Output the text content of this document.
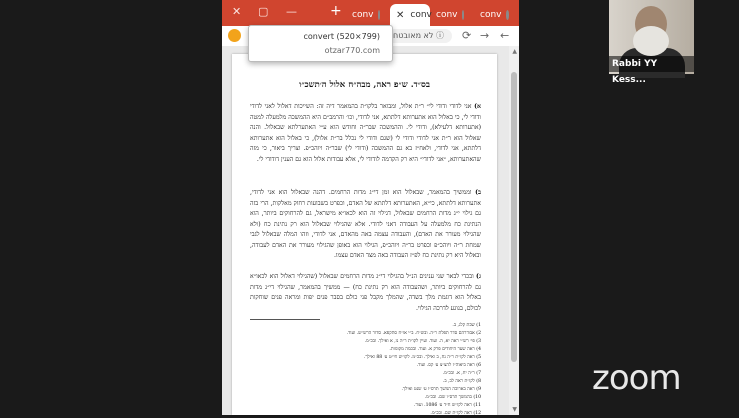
✕ ▢ — + conv ✕ conv conv	conv
לא מאובטח ⓘ	⟳ → ←
בס״ד. ש״פ ראה, מבה״ח אלול ה׳תשכ״ו
א) אני לדודי ודודי לי״ ר״ת אלול, ומבואר בלקו״ת בהמאמר דיה זה: השייכות דאלול לאני לדודי ודודי לי, כי באלול הוא אתערותא דלתתא, אני לדודי, וכו׳ והרמב״ם היא ההמשכה מלמעלה למטה (אתערותא דלעילא), ודודי לי. וההמשכה שבר״ה וחודש הוא ע״י האתערלתא שבאלול. והנה שאלול הוא ר״ת אני לדודי ודודי לי (שגם ודודי לי נכלל בר״ת אלול), כי באלול הוא אתערותא דלתתא, אני לדודי, ולאח״ז בא גם ההמשכה (ודודי לי) שבר״ה ויוהכ״פ. וצריך ביאור, כי מזה שהאתערותא, ״אני לדודי״ היא רק הקדמה לודודי לי, אלא עבודות אלול הוא גם הענין דודודי לי.
ב) וממשיך בהמאמר, שבאלול הוא זמן די״ג מדות הרחמים. דהנה שבאלול הוא אני לדודי, אתערותא דלתתא, כי״א, האתערותא דלתתא של האדם, וכפרט בשבועות רחוק מאלקות, הרי בזה גם גילוי י״ג מדות הרחמים שבאלול, דגילוי זה הוא לכאו״א מישראל, גם להרחוקים ביותר, הוא הנתינת כח מלמעלה על העבודה דאני לדודי. אלא שהגילוי שבאלול הוא רק נתינת כח (ולא שהגילוי מעורר את האדם), והעבודה עצמה באה מהאדם, אני לדודי, וזהו המלה שבאלול לגבי שמחת ר״ה ויוהכ״פ וכפרט בר״ה ויוהכ״פ, הגילוי הוא באופן שהגילוי מעורר את האדם לעבודה, ובאלול היא רק נתינת כח לפ״ז העבודה באה מצד האדם עצמו.
ג) ובכדי לבאר שני ענינים הנ״ל בהגילוי די״ג מדות הרחמים שבאלול (שהגילוי דאלול הוא לכאו״א גם להרחוקים ביותר, ושהעבודה הוא רק נתינת כח) — ממשיך בהמאמר, שהגילוי די״ג מדות באלול הוא דוגמת מלך בשדה, שהמלך מקבל פני כולם בסבר פנים יפות ומראה פנים שוחקות לכולם, בנוגע לדרכה הגילוי.
1) שבת קלג, ב.
2) אבודרהם סדר תפלת ר״ה. ובש״ח. ב״י או״ח סתקפא. סדור הרש״ש. ועוד.
3) פי׳ רש״י ראה יא, ה. ועוד. ועיין לקו״ת ר״ה נו, א ואילך. ובכ״מ.
4) ראה שער היחודים פרק א. ועוד. ובכמה מקומות.
5) ראה לקו״ת ר״ה נח, ב ואילך. ובכ״מ. לקו״ש חי״ט ע׳ 88 ואילך.
6) ראה ביאוה״ז להצ״צ ע׳ קס. ועוד.
7) ר״ה יח, א. ובכ״מ.
8) לקו״ת ראה לב, ב.
9) ראה בארוכה המשך תרס״ו ע׳ שנט ואילך.
10) בהמשך תרס״ו שם. ובכ״מ.
11) ראה לקו״ש ח״ד ע׳ 1086. ועוד.
12) ראה לקו״ת שם. ובכ״מ.
▲
▼
convert (520×799)
otzar770.com
Rabbi YY Kess...
zoom
